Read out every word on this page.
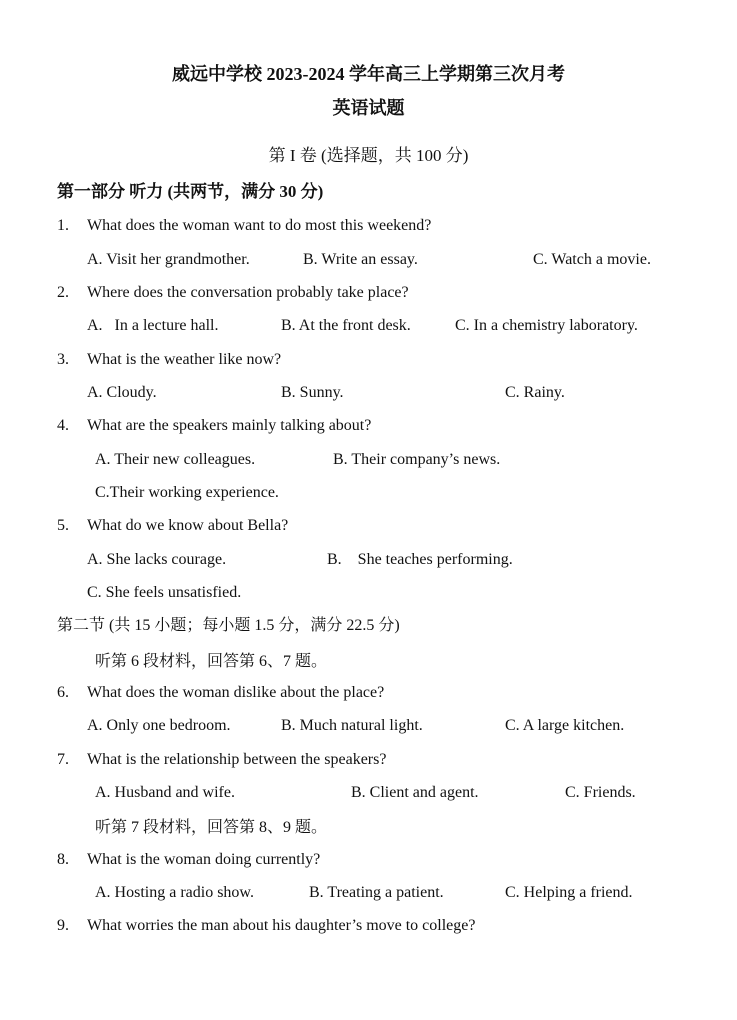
威远中学校 2023-2024 学年高三上学期第三次月考
英语试题
第 I 卷 (选择题，共 100 分)
第一部分 听力 (共两节，满分 30 分)
1. What does the woman want to do most this weekend?
A. Visit her grandmother.	B. Write an essay.	C. Watch a movie.
2. Where does the conversation probably take place?
A.   In a lecture hall.	B. At the front desk.	C. In a chemistry laboratory.
3. What is the weather like now?
A. Cloudy.	B. Sunny.	C. Rainy.
4. What are the speakers mainly talking about?
A. Their new colleagues.	B. Their company’s news.
C.Their working experience.
5. What do we know about Bella?
A. She lacks courage.	B.    She teaches performing.
C. She feels unsatisfied.
第二节 (共 15 小题；每小题 1.5 分，满分 22.5 分)
听第 6 段材料，回答第 6、7 题。
6. What does the woman dislike about the place?
A. Only one bedroom.	B. Much natural light.	C. A large kitchen.
7. What is the relationship between the speakers?
A. Husband and wife.	B. Client and agent.	C. Friends.
听第 7 段材料，回答第 8、9 题。
8. What is the woman doing currently?
A. Hosting a radio show.	B. Treating a patient.	C. Helping a friend.
9. What worries the man about his daughter’s move to college?
